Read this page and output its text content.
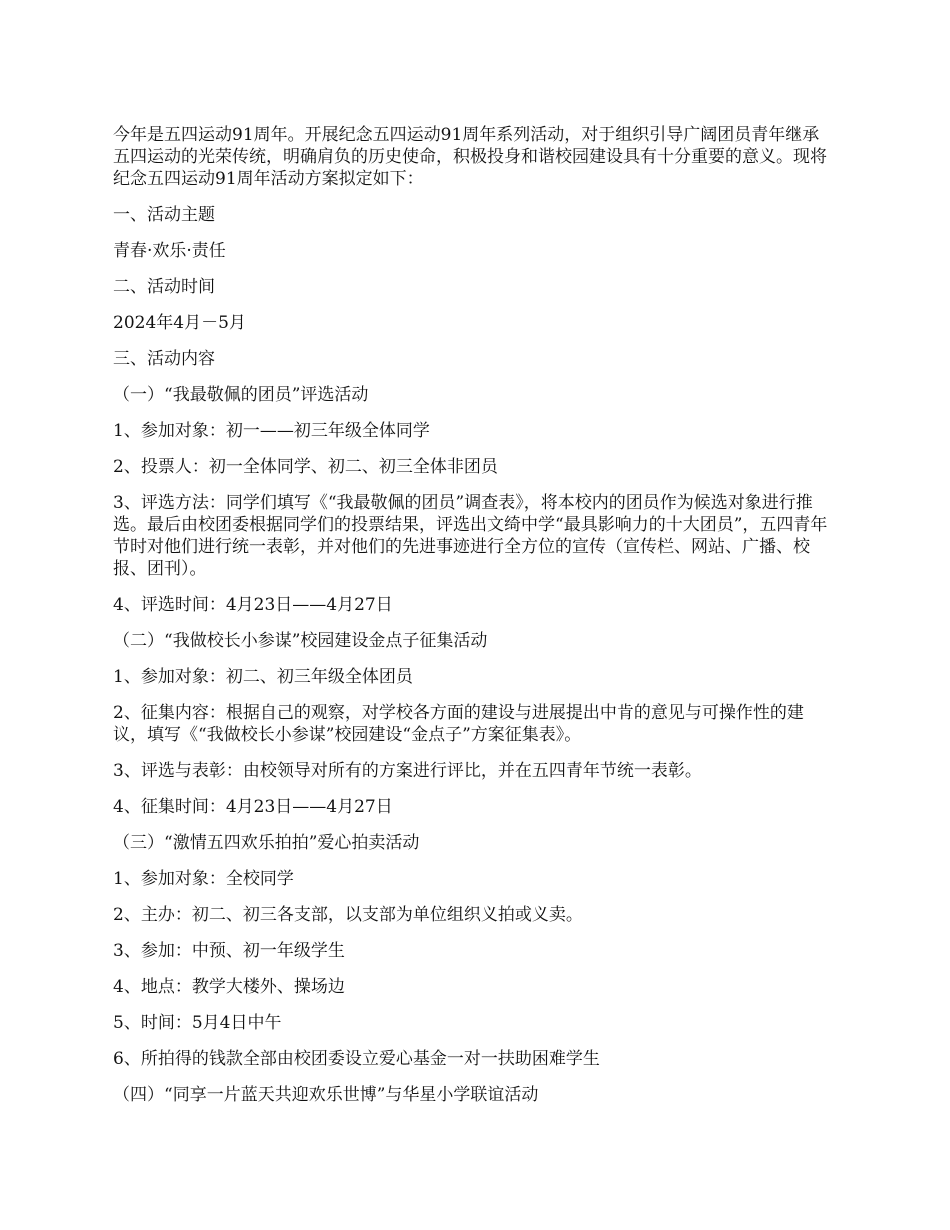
今年是五四运动91周年。开展纪念五四运动91周年系列活动，对于组织引导广阔团员青年继承五四运动的光荣传统，明确肩负的历史使命，积极投身和谐校园建设具有十分重要的意义。现将纪念五四运动91周年活动方案拟定如下：

一、活动主题

青春·欢乐·责任

二、活动时间

2024年4月－5月

三、活动内容

（一）“我最敬佩的团员”评选活动

1、参加对象：初一——初三年级全体同学

2、投票人：初一全体同学、初二、初三全体非团员

3、评选方法：同学们填写《“我最敬佩的团员”调查表》，将本校内的团员作为候选对象进行推选。最后由校团委根据同学们的投票结果，评选出文绮中学“最具影响力的十大团员”，五四青年节时对他们进行统一表彰，并对他们的先进事迹进行全方位的宣传（宣传栏、网站、广播、校报、团刊）。

4、评选时间：4月23日——4月27日

（二）“我做校长小参谋”校园建设金点子征集活动

1、参加对象：初二、初三年级全体团员

2、征集内容：根据自己的观察，对学校各方面的建设与进展提出中肯的意见与可操作性的建议，填写《“我做校长小参谋”校园建设“金点子”方案征集表》。

3、评选与表彰：由校领导对所有的方案进行评比，并在五四青年节统一表彰。

4、征集时间：4月23日——4月27日

（三）“激情五四欢乐拍拍”爱心拍卖活动

1、参加对象：全校同学

2、主办：初二、初三各支部，以支部为单位组织义拍或义卖。

3、参加：中预、初一年级学生

4、地点：教学大楼外、操场边

5、时间：5月4日中午

6、所拍得的钱款全部由校团委设立爱心基金一对一扶助困难学生

（四）“同享一片蓝天共迎欢乐世博”与华星小学联谊活动
